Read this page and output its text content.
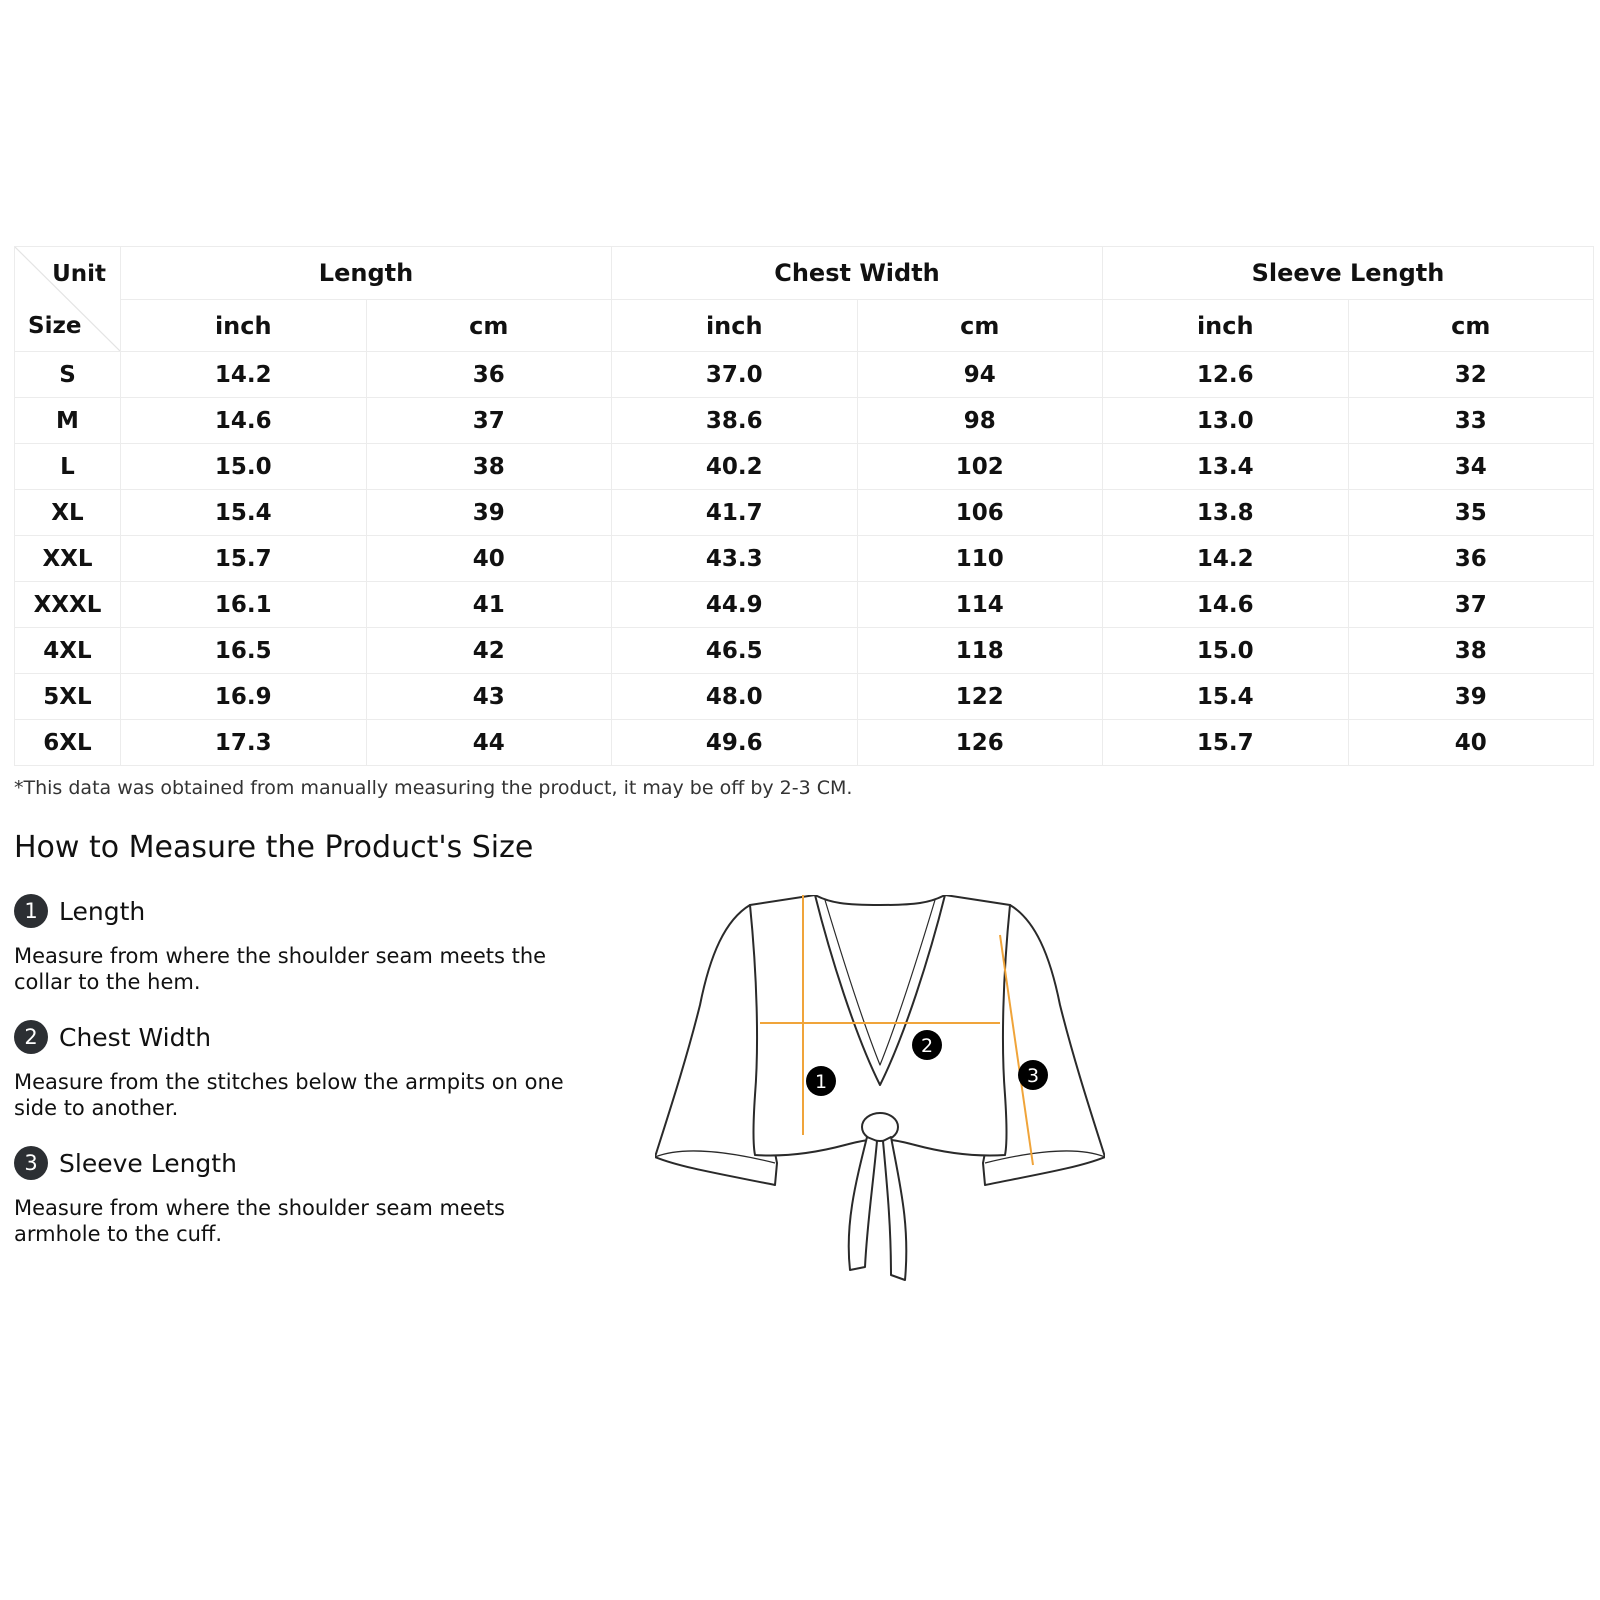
Unit
Size	Length		Chest Width		Sleeve Length	
	inch	cm	inch	cm	inch	cm
S	14.2	36	37.0	94	12.6	32
M	14.6	37	38.6	98	13.0	33
L	15.0	38	40.2	102	13.4	34
XL	15.4	39	41.7	106	13.8	35
XXL	15.7	40	43.3	110	14.2	36
XXXL	16.1	41	44.9	114	14.6	37
4XL	16.5	42	46.5	118	15.0	38
5XL	16.9	43	48.0	122	15.4	39
6XL	17.3	44	49.6	126	15.7	40
*This data was obtained from manually measuring the product, it may be off by 2-3 CM.
How to Measure the Product's Size
1 Length
Measure from where the shoulder seam meets the collar to the hem.
2 Chest Width
Measure from the stitches below the armpits on one side to another.
3 Sleeve Length
Measure from where the shoulder seam meets armhole to the cuff.
1
2
3
